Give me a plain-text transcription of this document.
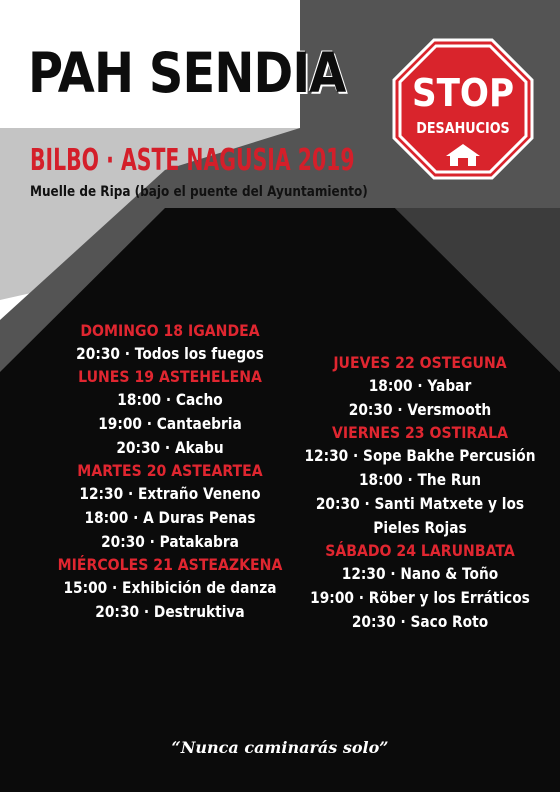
PAH SENDIA
BILBO · ASTE NAGUSIA 2019
Muelle de Ripa (bajo el puente del Ayuntamiento)
STOP
DESAHUCIOS
DOMINGO 18 IGANDEA
20:30 · Todos los fuegos
LUNES 19 ASTEHELENA
18:00 · Cacho
19:00 · Cantaebria
20:30 · Akabu
MARTES 20 ASTEARTEA
12:30 · Extraño Veneno
18:00 · A Duras Penas
20:30 · Patakabra
MIÉRCOLES 21 ASTEAZKENA
15:00 · Exhibición de danza
20:30 · Destruktiva
JUEVES 22 OSTEGUNA
18:00 · Yabar
20:30 · Versmooth
VIERNES 23 OSTIRALA
12:30 · Sope Bakhe Percusión
18:00 · The Run
20:30 · Santi Matxete y los
Pieles Rojas
SÁBADO 24 LARUNBATA
12:30 · Nano & Toño
19:00 · Röber y los Erráticos
20:30 · Saco Roto
“Nunca caminarás solo”
